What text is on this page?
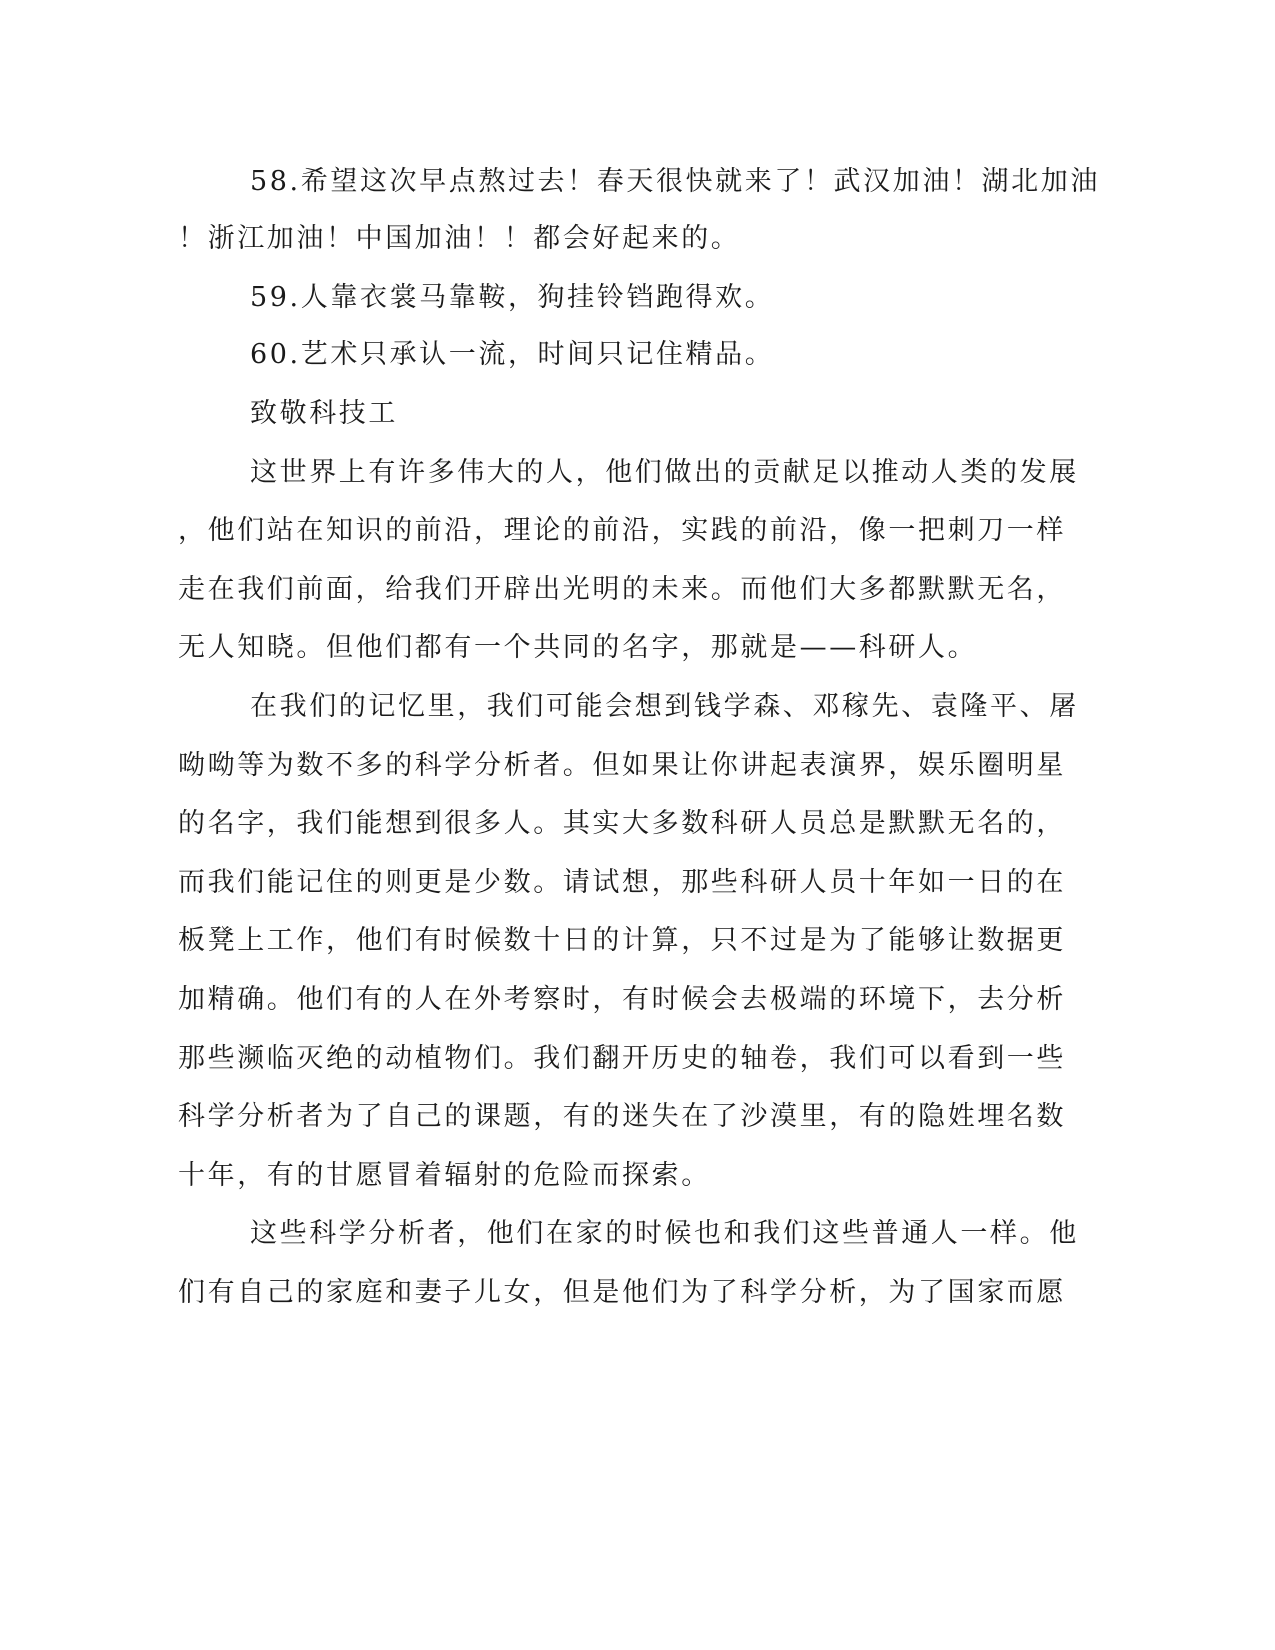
58.希望这次早点熬过去！春天很快就来了！武汉加油！湖北加油
！浙江加油！中国加油！！都会好起来的。
59.人靠衣裳马靠鞍，狗挂铃铛跑得欢。
60.艺术只承认一流，时间只记住精品。
致敬科技工
这世界上有许多伟大的人，他们做出的贡献足以推动人类的发展
，他们站在知识的前沿，理论的前沿，实践的前沿，像一把刺刀一样
走在我们前面，给我们开辟出光明的未来。而他们大多都默默无名，
无人知晓。但他们都有一个共同的名字，那就是——科研人。
在我们的记忆里，我们可能会想到钱学森、邓稼先、袁隆平、屠
呦呦等为数不多的科学分析者。但如果让你讲起表演界，娱乐圈明星
的名字，我们能想到很多人。其实大多数科研人员总是默默无名的，
而我们能记住的则更是少数。请试想，那些科研人员十年如一日的在
板凳上工作，他们有时候数十日的计算，只不过是为了能够让数据更
加精确。他们有的人在外考察时，有时候会去极端的环境下，去分析
那些濒临灭绝的动植物们。我们翻开历史的轴卷，我们可以看到一些
科学分析者为了自己的课题，有的迷失在了沙漠里，有的隐姓埋名数
十年，有的甘愿冒着辐射的危险而探索。
这些科学分析者，他们在家的时候也和我们这些普通人一样。他
们有自己的家庭和妻子儿女，但是他们为了科学分析，为了国家而愿
